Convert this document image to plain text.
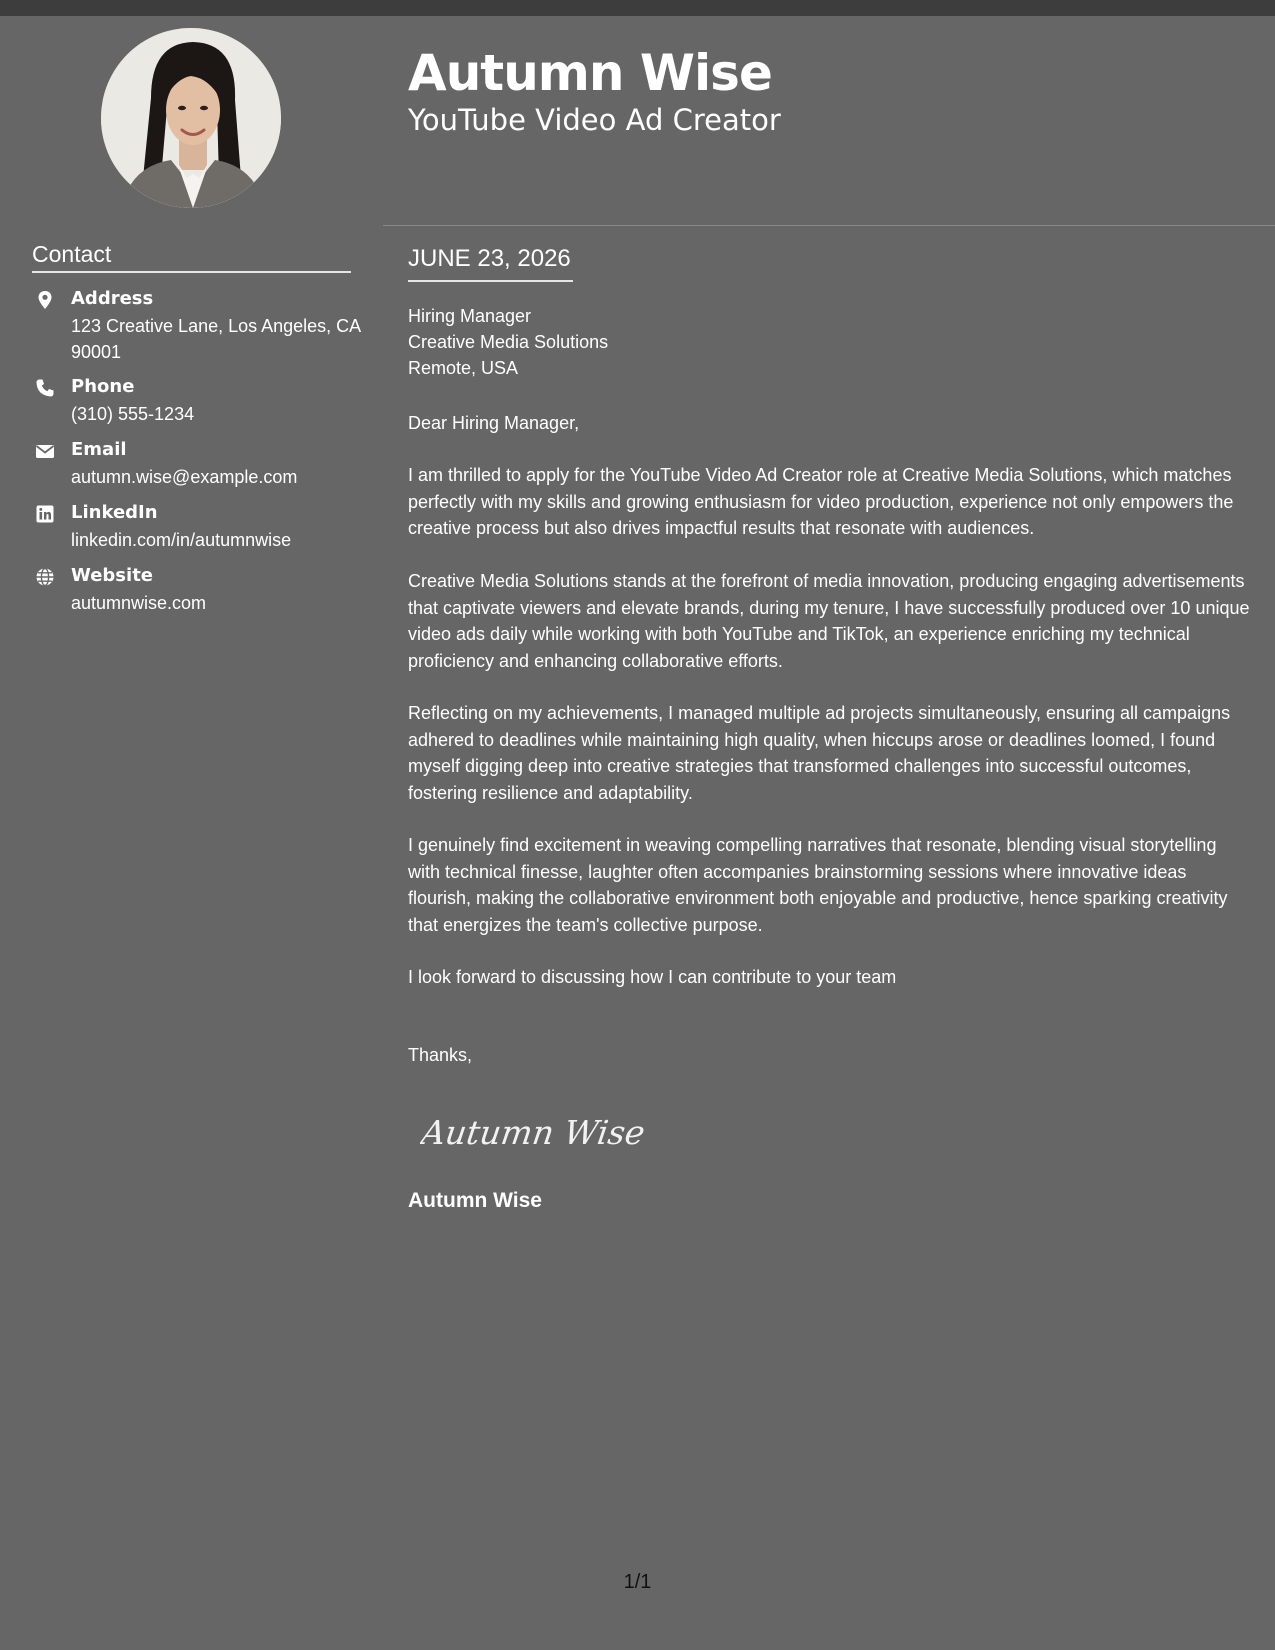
Autumn Wise
YouTube Video Ad Creator
Contact
Address
123 Creative Lane, Los Angeles, CA 90001
Phone
(310) 555-1234
Email
autumn.wise@example.com
LinkedIn
linkedin.com/in/autumnwise
Website
autumnwise.com
JUNE 23, 2026
Hiring Manager
Creative Media Solutions
Remote, USA

Dear Hiring Manager,

I am thrilled to apply for the YouTube Video Ad Creator role at Creative Media Solutions, which matches perfectly with my skills and growing enthusiasm for video production, experience not only empowers the creative process but also drives impactful results that resonate with audiences.

Creative Media Solutions stands at the forefront of media innovation, producing engaging advertisements that captivate viewers and elevate brands, during my tenure, I have successfully produced over 10 unique video ads daily while working with both YouTube and TikTok, an experience enriching my technical proficiency and enhancing collaborative efforts.

Reflecting on my achievements, I managed multiple ad projects simultaneously, ensuring all campaigns adhered to deadlines while maintaining high quality, when hiccups arose or deadlines loomed, I found myself digging deep into creative strategies that transformed challenges into successful outcomes, fostering resilience and adaptability.

I genuinely find excitement in weaving compelling narratives that resonate, blending visual storytelling with technical finesse, laughter often accompanies brainstorming sessions where innovative ideas flourish, making the collaborative environment both enjoyable and productive, hence sparking creativity that energizes the team's collective purpose.

I look forward to discussing how I can contribute to your team

Thanks,

Autumn Wise
Autumn Wise
1/1
